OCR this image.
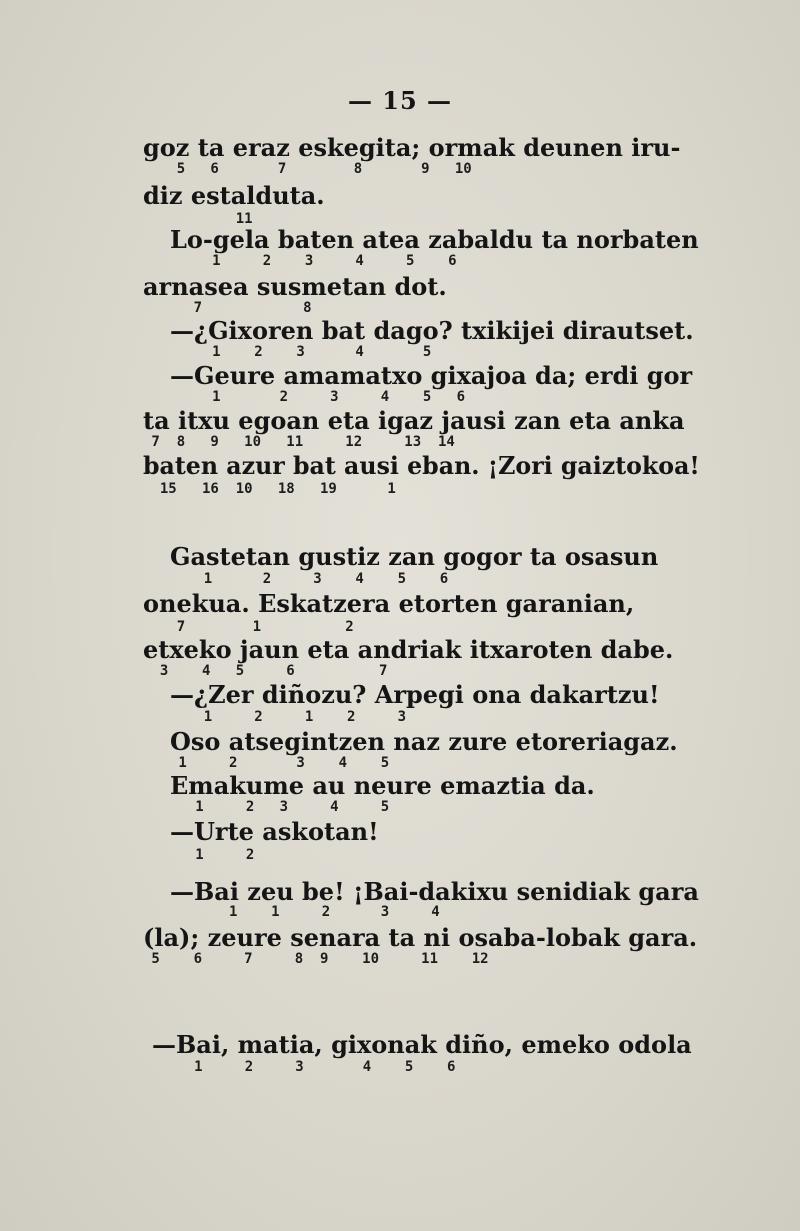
— 15 —
goz ta eraz eskegita; ormak deunen iru-
5   6       7        8       9   10
diz estalduta.
11
Lo-gela baten atea zabaldu ta norbaten
1     2    3     4     5    6
arnasea susmetan dot.
7            8
—¿Gixoren bat dago? txikijei dirautset.
1    2    3      4       5
—Geure amamatxo gixajoa da; erdi gor
1       2     3     4    5   6
ta itxu egoan eta igaz jausi zan eta anka
7  8   9   10   11     12     13  14
baten azur bat ausi eban. ¡Zori gaiztokoa!
15   16  10   18   19      1
Gastetan gustiz zan gogor ta osasun
1      2     3    4    5    6
onekua. Eskatzera etorten garanian,
7        1          2
etxeko jaun eta andriak itxaroten dabe.
3    4   5     6          7
—¿Zer diñozu? Arpegi ona dakartzu!
1     2     1    2     3
Oso atsegintzen naz zure etoreriagaz.
1     2       3    4    5
Emakume au neure emaztia da.
1     2   3     4     5
—Urte askotan!
1     2
—Bai zeu be! ¡Bai-dakixu senidiak gara
1    1     2      3     4
(la); zeure senara ta ni osaba-lobak gara.
5    6     7     8  9    10     11    12
—Bai, matia, gixonak diño, emeko odola
1     2     3       4    5    6
